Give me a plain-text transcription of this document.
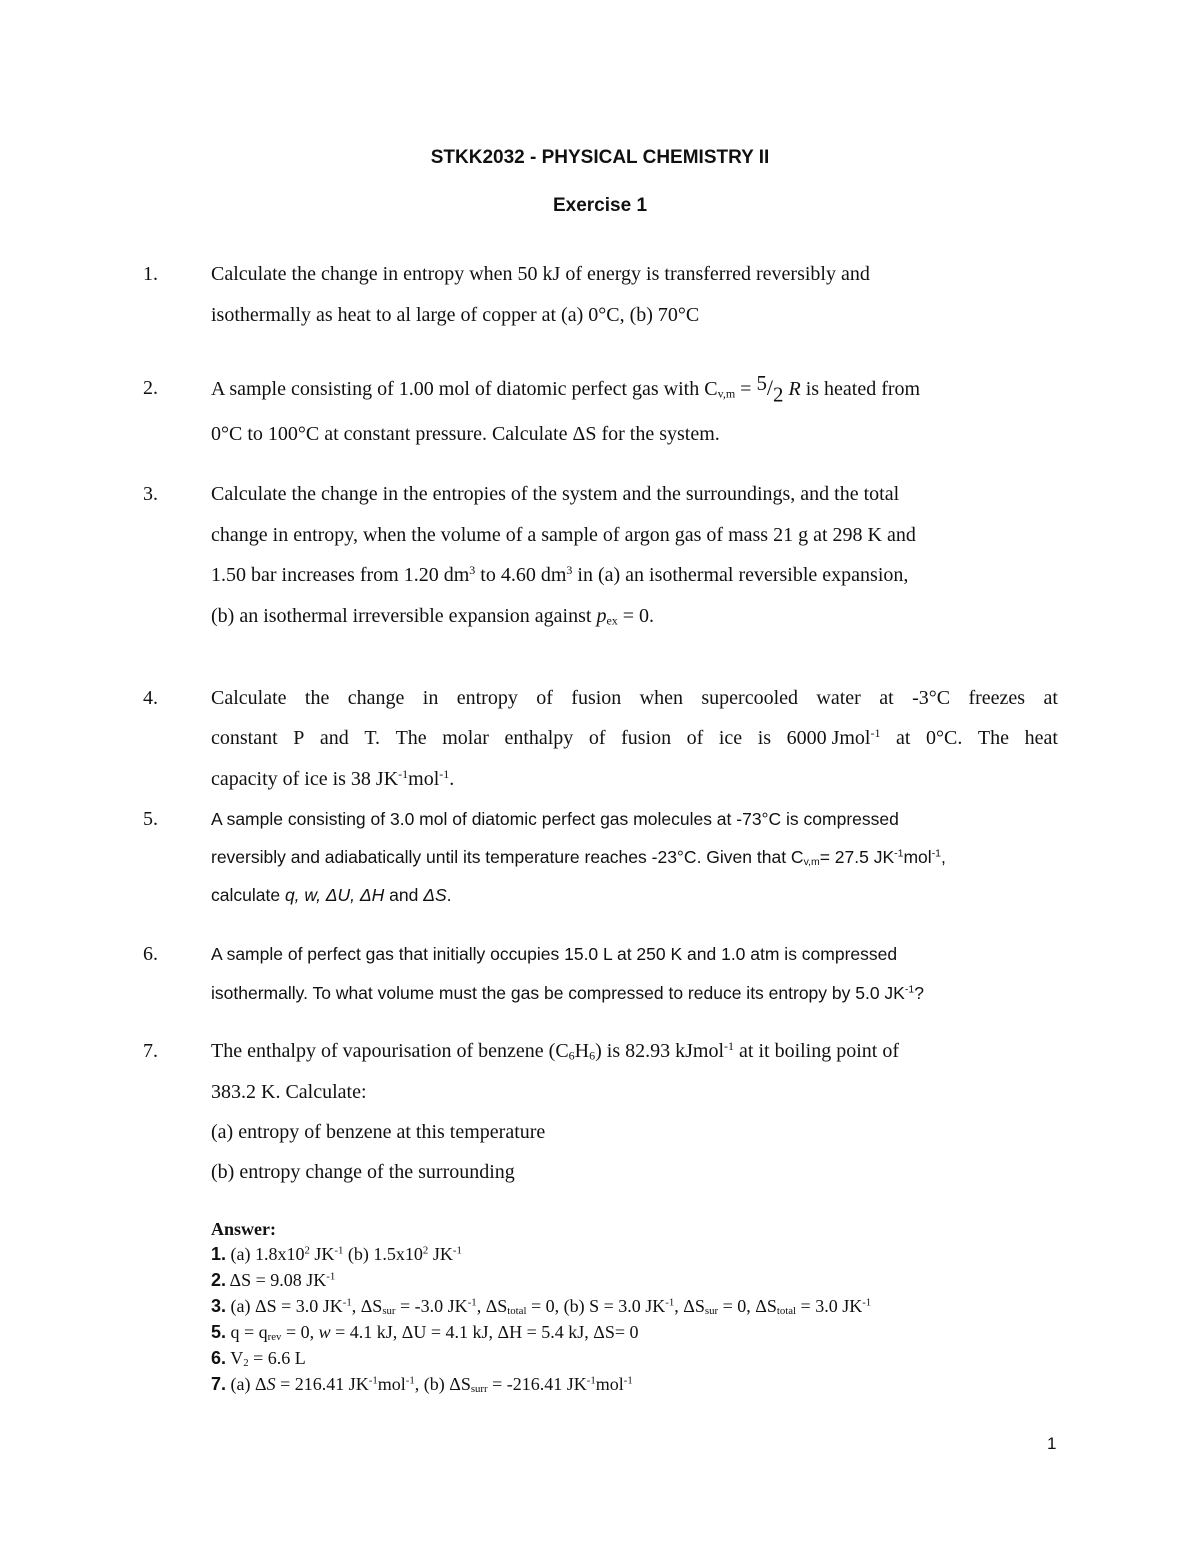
STKK2032 - PHYSICAL CHEMISTRY II
Exercise 1
1.	Calculate the change in entropy when 50 kJ of energy is transferred reversibly and
isothermally as heat to al large of copper at (a) 0°C, (b) 70°C
2.	A sample consisting of 1.00 mol of diatomic perfect gas with $C_{v,m} = ^5/_2$ R is heated from
0°C to 100°C at constant pressure. Calculate ΔS for the system.
3.	Calculate the change in the entropies of the system and the surroundings, and the total
change in entropy, when the volume of a sample of argon gas of mass 21 g at 298 K and
1.50 bar increases from 1.20 $dm^3$ to 4.60 $dm^3$ in (a) an isothermal reversible expansion,
(b) an isothermal irreversible expansion against $p_{ex} = 0$.
4.	Calculate the change in entropy of fusion when supercooled water at -3°C freezes at
constant P and T. The molar enthalpy of fusion of ice is 6000 Jmol$^{-1}$ at 0°C. The heat
capacity of ice is 38 $JK^{-1}mol^{-1}$.
5.	A sample consisting of 3.0 mol of diatomic perfect gas molecules at -73°C is compressed
reversibly and adiabatically until its temperature reaches -23°C. Given that $C_{v,m}= 27.5$ $JK^{-1}mol^{-1}$,
calculate q, w, ΔU, ΔH and ΔS.
6.	A sample of perfect gas that initially occupies 15.0 L at 250 K and 1.0 atm is compressed
isothermally. To what volume must the gas be compressed to reduce its entropy by 5.0 $JK^{-1}$?
7.	The enthalpy of vapourisation of benzene $(C_6H_6)$ is 82.93 kJmol$^{-1}$ at it boiling point of
383.2 K. Calculate:
(a) entropy of benzene at this temperature
(b) entropy change of the surrounding
Answer:
1. (a) $1.8x10^2$ $JK^{-1}$ (b) $1.5x10^2$ $JK^{-1}$
2. ΔS = 9.08 $JK^{-1}$
3. (a) ΔS = 3.0 $JK^{-1}$, $\Delta S_{sur} = -3.0$ $JK^{-1}$, $\Delta S_{total} = 0$, (b) S = 3.0 $JK^{-1}$, $\Delta S_{sur} = 0$, $\Delta S_{total} = 3.0$ $JK^{-1}$
5. $q = q_{rev} = 0$, w = 4.1 kJ, ΔU = 4.1 kJ, ΔH = 5.4 kJ, ΔS= 0
6. $V_2 = 6.6$ L
7. (a) ΔS = 216.41 $JK^{-1}mol^{-1}$, (b) $\Delta S_{surr} = -216.41$ $JK^{-1}mol^{-1}$
1
